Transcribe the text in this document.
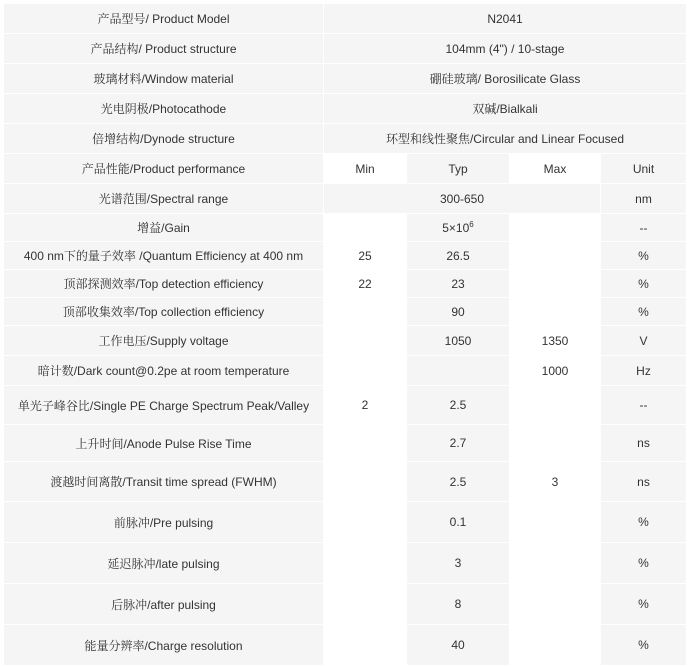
产品型号/ Product Model	N2041			
产品结构/ Product structure	104mm (4") / 10-stage			
玻璃材料/Window material	硼硅玻璃/ Borosilicate Glass			
光电阴极/Photocathode	双碱/Bialkali			
倍增结构/Dynode structure	环型和线性聚焦/Circular and Linear Focused			
产品性能/Product performance	Min	Typ	Max	Unit
光谱范围/Spectral range	300-650			nm
增益/Gain		$5\times 10^6$		--
400 nm下的量子效率 /Quantum Efficiency at 400 nm	25	26.5		%
顶部探测效率/Top detection efficiency	22	23		%
顶部收集效率/Top collection efficiency		90		%
工作电压/Supply voltage		1050	1350	V
暗计数/Dark count@0.2pe at room temperature			1000	Hz
单光子峰谷比/Single PE Charge Spectrum Peak/Valley	2	2.5		--
上升时间/Anode Pulse Rise Time		2.7		ns
渡越时间离散/Transit time spread (FWHM)		2.5	3	ns
前脉冲/Pre pulsing		0.1		%
延迟脉冲/late pulsing		3		%
后脉冲/after pulsing		8		%
能量分辨率/Charge resolution		40		%
